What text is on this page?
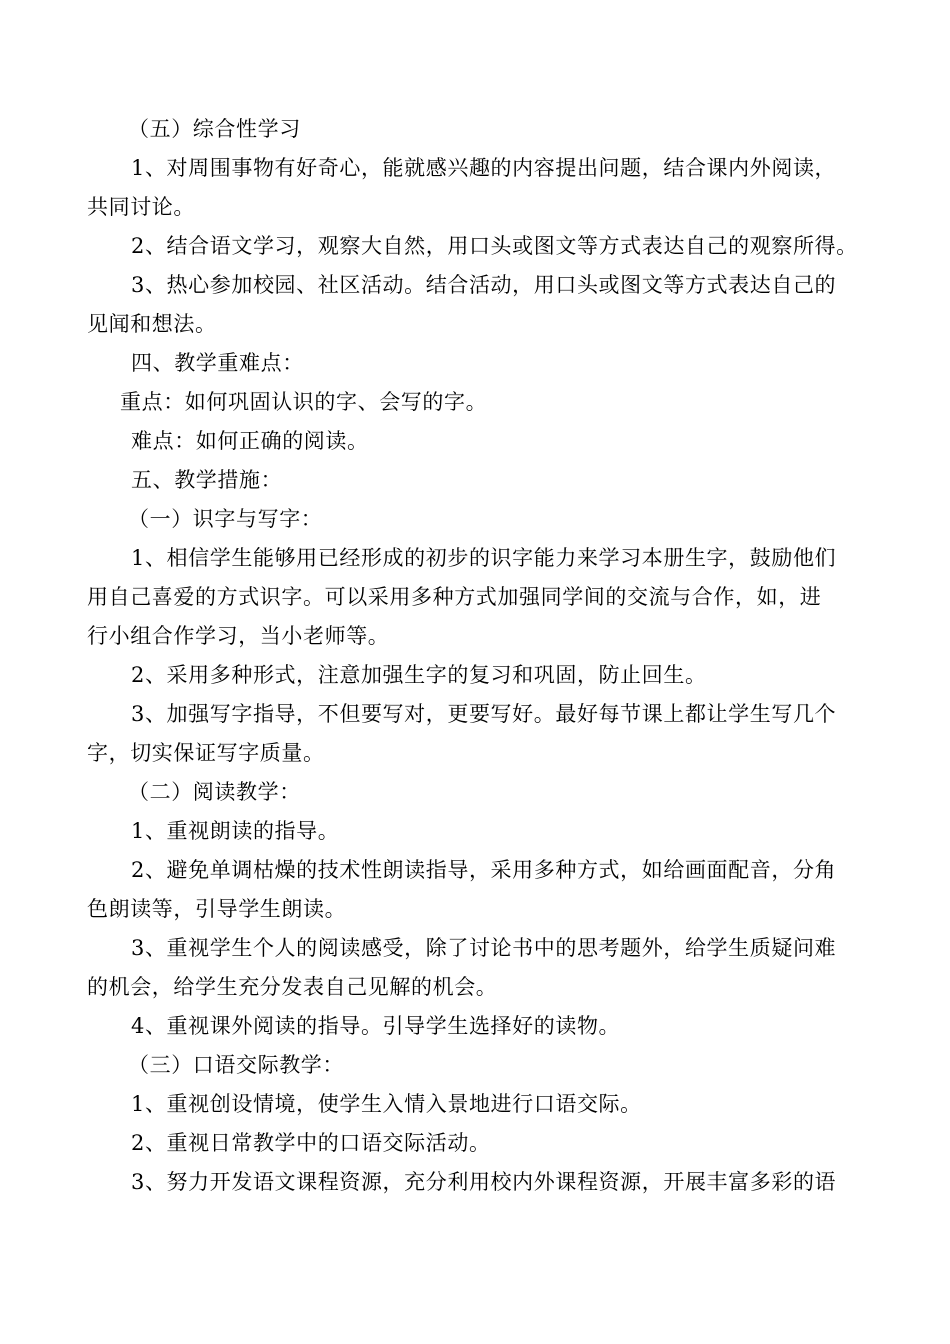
（五）综合性学习
1、对周围事物有好奇心，能就感兴趣的内容提出问题，结合课内外阅读，
共同讨论。
2、结合语文学习，观察大自然，用口头或图文等方式表达自己的观察所得。
3、热心参加校园、社区活动。结合活动，用口头或图文等方式表达自己的
见闻和想法。
四、教学重难点：
重点：如何巩固认识的字、会写的字。
难点：如何正确的阅读。
五、教学措施：
（一）识字与写字：
1、相信学生能够用已经形成的初步的识字能力来学习本册生字，鼓励他们
用自己喜爱的方式识字。可以采用多种方式加强同学间的交流与合作，如，进
行小组合作学习，当小老师等。
2、采用多种形式，注意加强生字的复习和巩固，防止回生。
3、加强写字指导，不但要写对，更要写好。最好每节课上都让学生写几个
字，切实保证写字质量。
（二）阅读教学：
1、重视朗读的指导。
2、避免单调枯燥的技术性朗读指导，采用多种方式，如给画面配音，分角
色朗读等，引导学生朗读。
3、重视学生个人的阅读感受，除了讨论书中的思考题外，给学生质疑问难
的机会，给学生充分发表自己见解的机会。
4、重视课外阅读的指导。引导学生选择好的读物。
（三）口语交际教学：
1、重视创设情境，使学生入情入景地进行口语交际。
2、重视日常教学中的口语交际活动。
3、努力开发语文课程资源，充分利用校内外课程资源，开展丰富多彩的语
